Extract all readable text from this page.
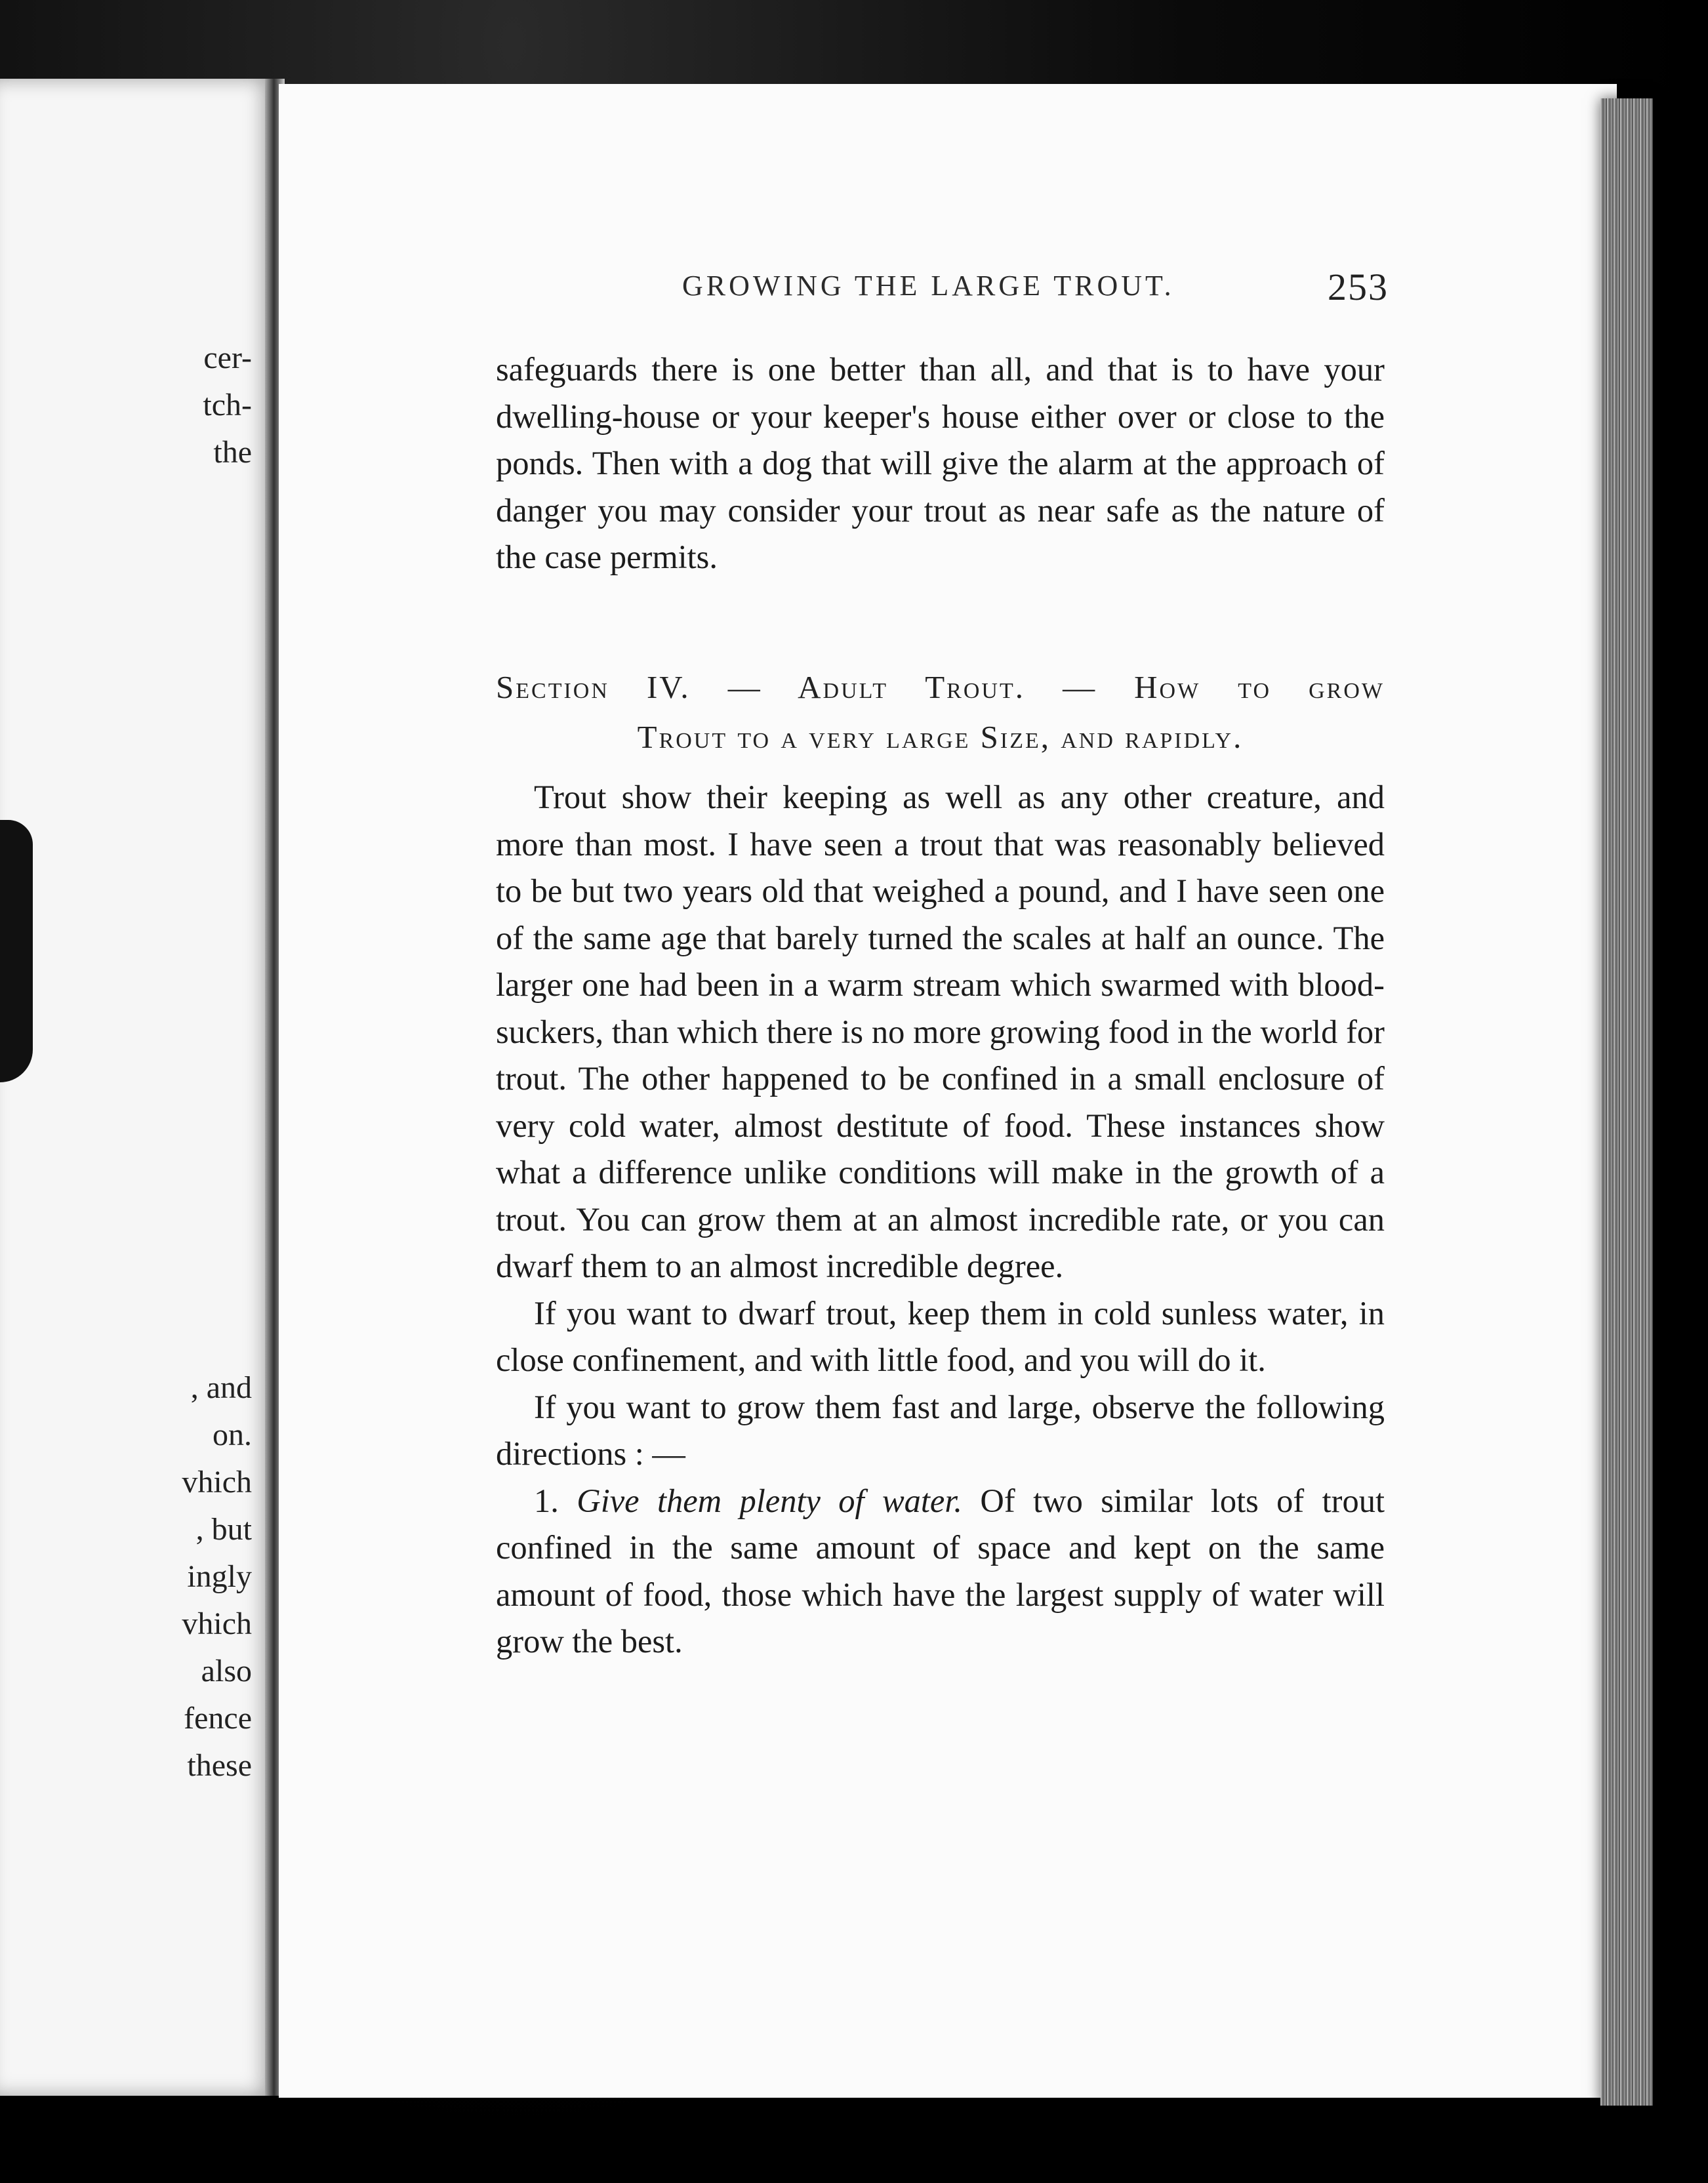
cer-
tch-
the
, and
on.
vhich
, but
ingly
vhich
also
fence
these
GROWING THE LARGE TROUT.	253

safeguards there is one better than all, and that is to have your dwelling-house or your keeper's house either over or close to the ponds. Then with a dog that will give the alarm at the approach of danger you may consider your trout as near safe as the nature of the case permits.

Section IV. — Adult Trout. — How to grow
Trout to a very large Size, and rapidly.

Trout show their keeping as well as any other creature, and more than most. I have seen a trout that was reasonably believed to be but two years old that weighed a pound, and I have seen one of the same age that barely turned the scales at half an ounce. The larger one had been in a warm stream which swarmed with blood-suckers, than which there is no more growing food in the world for trout. The other happened to be confined in a small enclosure of very cold water, almost destitute of food. These instances show what a difference unlike conditions will make in the growth of a trout. You can grow them at an almost incredible rate, or you can dwarf them to an almost incredible degree.

If you want to dwarf trout, keep them in cold sunless water, in close confinement, and with little food, and you will do it.

If you want to grow them fast and large, observe the following directions : —

1. Give them plenty of water. Of two similar lots of trout confined in the same amount of space and kept on the same amount of food, those which have the largest supply of water will grow the best.
